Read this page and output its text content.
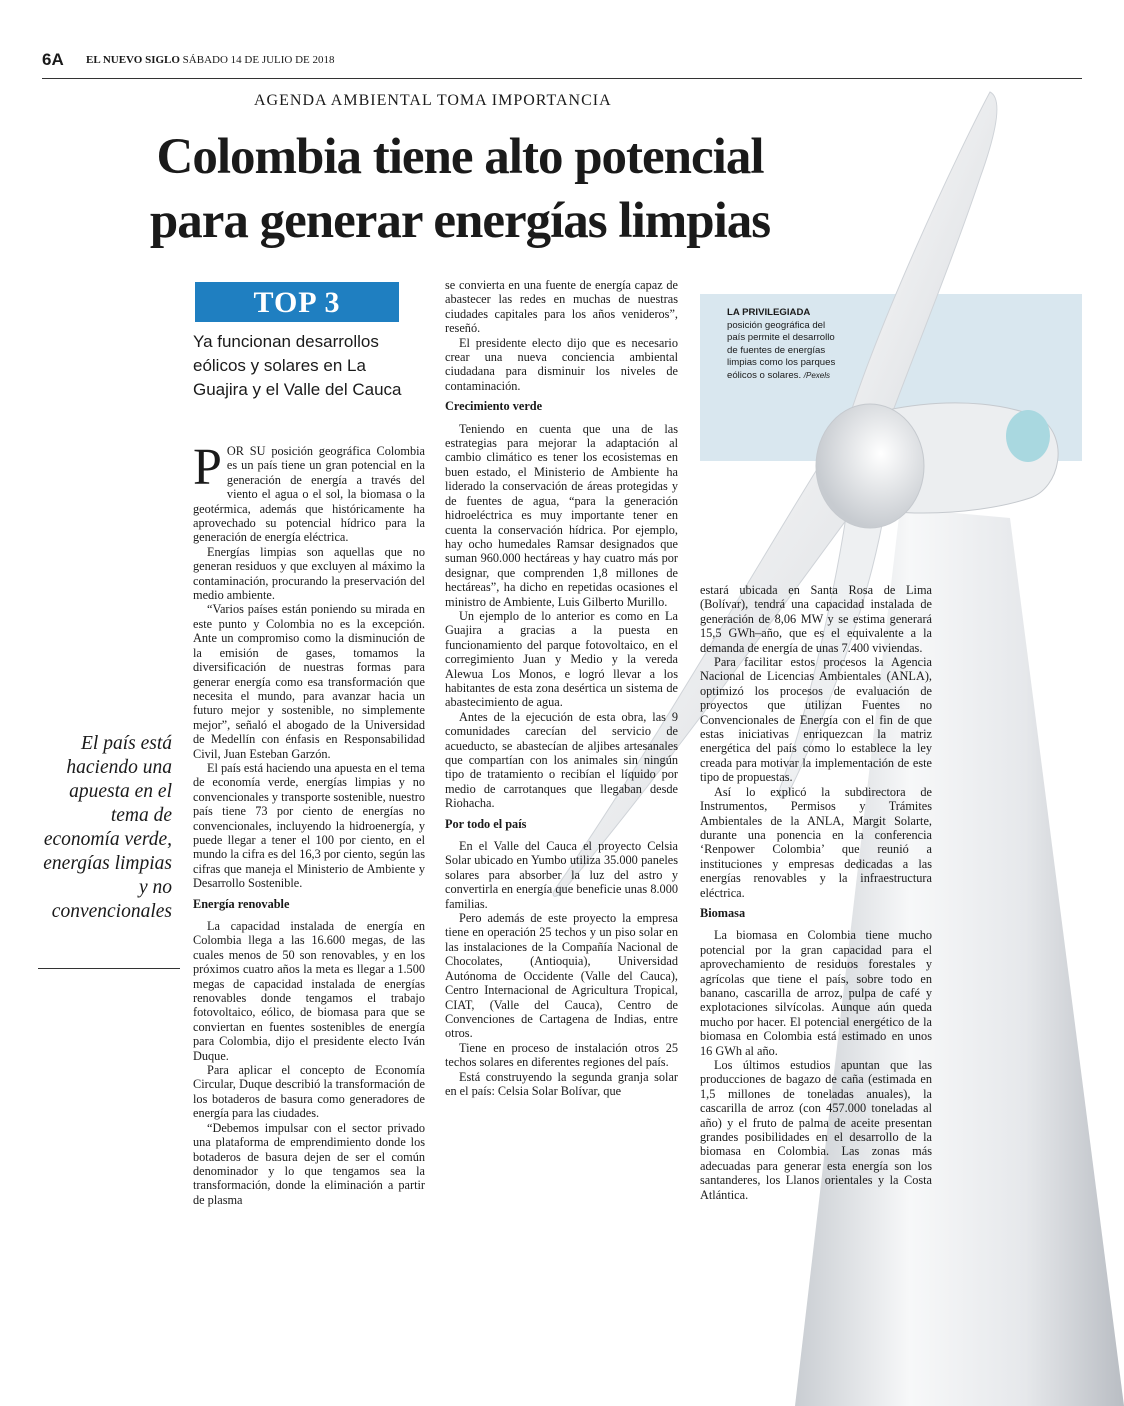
6A EL NUEVO SIGLO SÁBADO 14 DE JULIO DE 2018
LA PRIVILEGIADA
posición geográfica del país permite el desarrollo de fuentes de energías limpias como los parques eólicos o solares. /Pexels
AGENDA AMBIENTAL TOMA IMPORTANCIA
Colombia tiene alto potencial
para generar energías limpias
TOP 3
Ya funcionan desarrollos eólicos y solares en La Guajira y el Valle del Cauca
El país está haciendo una apuesta en el tema de economía verde, energías limpias y no convencionales

POR SU posición geográfica Colombia es un país tiene un gran potencial en la generación de energía a través del viento el agua o el sol, la biomasa o la geotérmica, además que históricamente ha aprovechado su potencial hídrico para la generación de energía eléctrica.

Energías limpias son aquellas que no generan residuos y que excluyen al máximo la contaminación, procurando la preservación del medio ambiente.

“Varios países están poniendo su mirada en este punto y Colombia no es la excepción. Ante un compromiso como la disminución de la emisión de gases, tomamos la diversificación de nuestras formas para generar energía como esa transformación que necesita el mundo, para avanzar hacia un futuro mejor y sostenible, no simplemente mejor”, señaló el abogado de la Universidad de Medellín con énfasis en Responsabilidad Civil, Juan Esteban Garzón.

El país está haciendo una apuesta en el tema de economía verde, energías limpias y no convencionales y transporte sostenible, nuestro país tiene 73 por ciento de energías no convencionales, incluyendo la hidroenergía, y puede llegar a tener el 100 por ciento, en el mundo la cifra es del 16,3 por ciento, según las cifras que maneja el Ministerio de Ambiente y Desarrollo Sostenible.

Energía renovable

La capacidad instalada de energía en Colombia llega a las 16.600 megas, de las cuales menos de 50 son renovables, y en los próximos cuatro años la meta es llegar a 1.500 megas de capacidad instalada de energías renovables donde tengamos el trabajo fotovoltaico, eólico, de biomasa para que se conviertan en fuentes sostenibles de energía para Colombia, dijo el presidente electo Iván Duque.

Para aplicar el concepto de Economía Circular, Duque describió la transformación de los botaderos de basura como generadores de energía para las ciudades.

“Debemos impulsar con el sector privado una plataforma de emprendimiento donde los botaderos de basura dejen de ser el común denominador y lo que tengamos sea la transformación, donde la eliminación a partir de plasma

se convierta en una fuente de energía capaz de abastecer las redes en muchas de nuestras ciudades capitales para los años venideros”, reseñó.

El presidente electo dijo que es necesario crear una nueva conciencia ambiental ciudadana para disminuir los niveles de contaminación.

Crecimiento verde

Teniendo en cuenta que una de las estrategias para mejorar la adaptación al cambio climático es tener los ecosistemas en buen estado, el Ministerio de Ambiente ha liderado la conservación de áreas protegidas y de fuentes de agua, “para la generación hidroeléctrica es muy importante tener en cuenta la conservación hídrica. Por ejemplo, hay ocho humedales Ramsar designados que suman 960.000 hectáreas y hay cuatro más por designar, que comprenden 1,8 millones de hectáreas”, ha dicho en repetidas ocasiones el ministro de Ambiente, Luis Gilberto Murillo.

Un ejemplo de lo anterior es como en La Guajira a gracias a la puesta en funcionamiento del parque fotovoltaico, en el corregimiento Juan y Medio y la vereda Alewua Los Monos, e logró llevar a los habitantes de esta zona desértica un sistema de abastecimiento de agua.

Antes de la ejecución de esta obra, las 9 comunidades carecían del servicio de acueducto, se abastecían de aljibes artesanales que compartían con los animales sin ningún tipo de tratamiento o recibían el líquido por medio de carrotanques que llegaban desde Riohacha.

Por todo el país

En el Valle del Cauca el proyecto Celsia Solar ubicado en Yumbo utiliza 35.000 paneles solares para absorber la luz del astro y convertirla en energía que beneficie unas 8.000 familias.

Pero además de este proyecto la empresa tiene en operación 25 techos y un piso solar en las instalaciones de la Compañía Nacional de Chocolates, (Antioquia), Universidad Autónoma de Occidente (Valle del Cauca), Centro Internacional de Agricultura Tropical, CIAT, (Valle del Cauca), Centro de Convenciones de Cartagena de Indias, entre otros.

Tiene en proceso de instalación otros 25 techos solares en diferentes regiones del país.

Está construyendo la segunda granja solar en el país: Celsia Solar Bolívar, que

estará ubicada en Santa Rosa de Lima (Bolívar), tendrá una capacidad instalada de generación de 8,06 MW y se estima generará 15,5 GWh–año, que es el equivalente a la demanda de energía de unas 7.400 viviendas.

Para facilitar estos procesos la Agencia Nacional de Licencias Ambientales (ANLA), optimizó los procesos de evaluación de proyectos que utilizan Fuentes no Convencionales de Energía con el fin de que estas iniciativas enriquezcan la matriz energética del país como lo establece la ley creada para motivar la implementación de este tipo de propuestas.

Así lo explicó la subdirectora de Instrumentos, Permisos y Trámites Ambientales de la ANLA, Margit Solarte, durante una ponencia en la conferencia ‘Renpower Colombia’ que reunió a instituciones y empresas dedicadas a las energías renovables y la infraestructura eléctrica.

Biomasa

La biomasa en Colombia tiene mucho potencial por la gran capacidad para el aprovechamiento de residuos forestales y agrícolas que tiene el país, sobre todo en banano, cascarilla de arroz, pulpa de café y explotaciones silvícolas. Aunque aún queda mucho por hacer. El potencial energético de la biomasa en Colombia está estimado en unos 16 GWh al año.

Los últimos estudios apuntan que las producciones de bagazo de caña (estimada en 1,5 millones de toneladas anuales), la cascarilla de arroz (con 457.000 toneladas al año) y el fruto de palma de aceite presentan grandes posibilidades en el desarrollo de la biomasa en Colombia. Las zonas más adecuadas para generar esta energía son los santanderes, los Llanos orientales y la Costa Atlántica.
